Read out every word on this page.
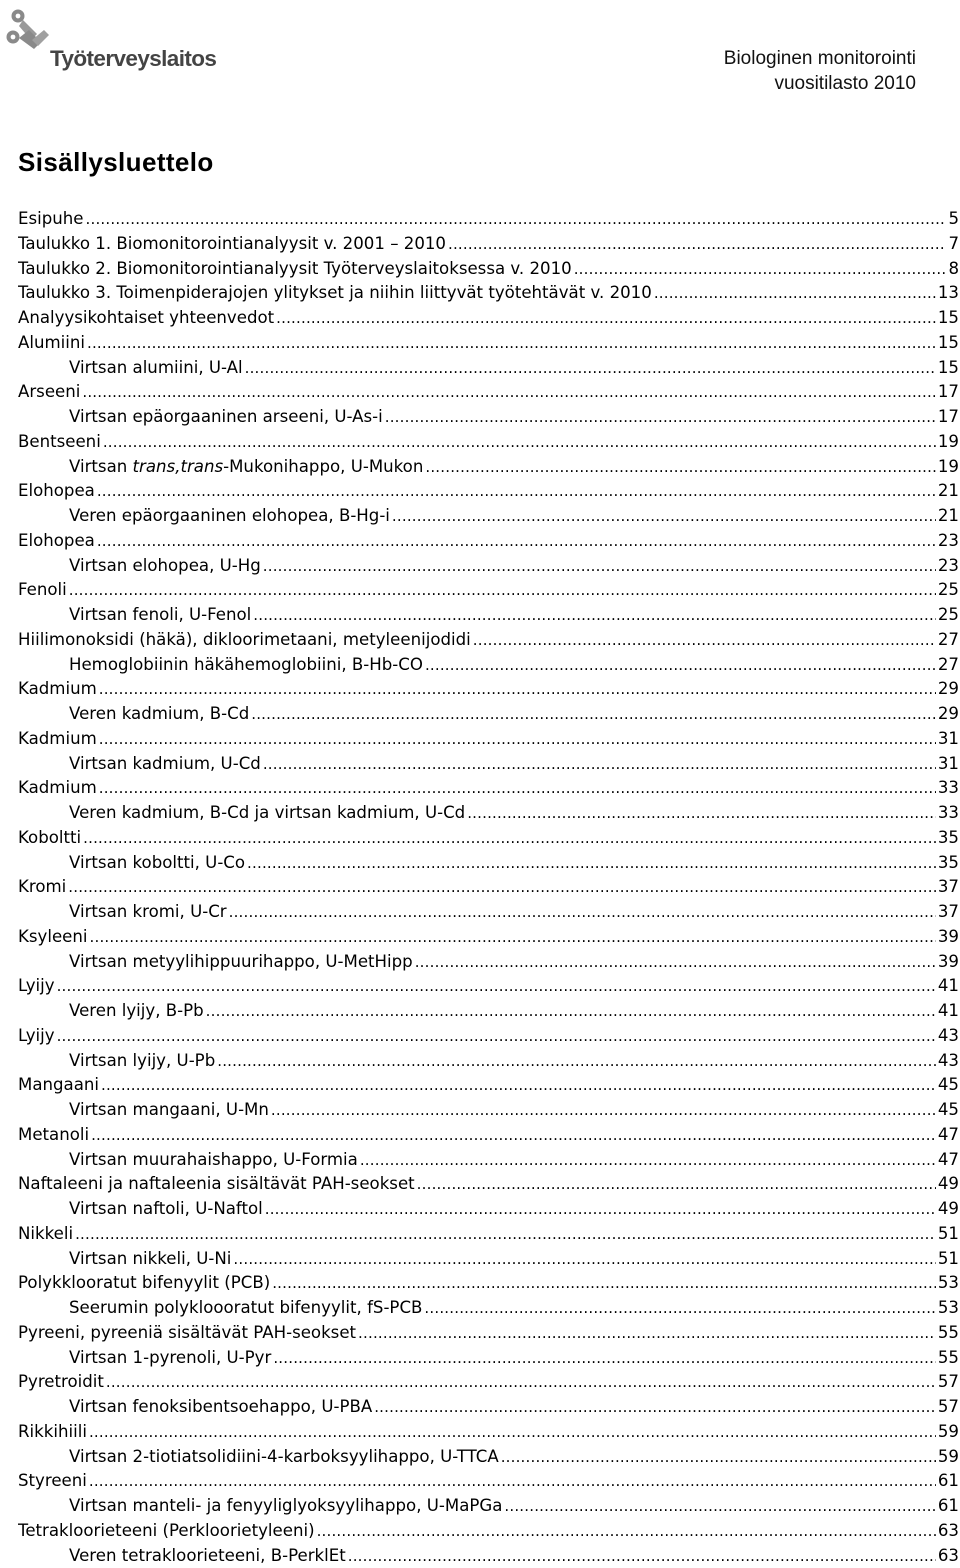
Työterveyslaitos	Biologinen monitorointi
vuositilasto 2010
Sisällysluettelo
Esipuhe .....	5
Taulukko 1. Biomonitorointianalyysit v. 2001 – 2010 .....	7
Taulukko 2. Biomonitorointianalyysit Työterveyslaitoksessa v. 2010 .....	8
Taulukko 3. Toimenpiderajojen ylitykset ja niihin liittyvät työtehtävät v. 2010 .....	13
Analyysikohtaiset yhteenvedot .....	15
Alumiini .....	15
Virtsan alumiini, U-Al .....	15
Arseeni .....	17
Virtsan epäorgaaninen arseeni, U-As-i .....	17
Bentseeni .....	19
Virtsan trans,trans-Mukonihappo, U-Mukon .....	19
Elohopea .....	21
Veren epäorgaaninen elohopea, B-Hg-i .....	21
Elohopea .....	23
Virtsan elohopea, U-Hg .....	23
Fenoli .....	25
Virtsan fenoli, U-Fenol .....	25
Hiilimonoksidi (häkä), dikloorimetaani, metyleenijodidi .....	27
Hemoglobiinin häkähemoglobiini, B-Hb-CO .....	27
Kadmium .....	29
Veren kadmium, B-Cd .....	29
Kadmium .....	31
Virtsan kadmium, U-Cd .....	31
Kadmium .....	33
Veren kadmium, B-Cd ja virtsan kadmium, U-Cd .....	33
Koboltti .....	35
Virtsan koboltti, U-Co .....	35
Kromi .....	37
Virtsan kromi, U-Cr .....	37
Ksyleeni .....	39
Virtsan metyylihippuurihappo, U-MetHipp .....	39
Lyijy .....	41
Veren lyijy, B-Pb .....	41
Lyijy .....	43
Virtsan lyijy, U-Pb .....	43
Mangaani .....	45
Virtsan mangaani, U-Mn .....	45
Metanoli .....	47
Virtsan muurahaishappo, U-Formia .....	47
Naftaleeni ja naftaleenia sisältävät PAH-seokset .....	49
Virtsan naftoli, U-Naftol .....	49
Nikkeli .....	51
Virtsan nikkeli, U-Ni .....	51
Polykklooratut bifenyylit (PCB) .....	53
Seerumin polykloooratut bifenyylit, fS-PCB .....	53
Pyreeni, pyreeniä sisältävät PAH-seokset .....	55
Virtsan 1-pyrenoli, U-Pyr .....	55
Pyretroidit .....	57
Virtsan fenoksibentsoehappo, U-PBA .....	57
Rikkihiili .....	59
Virtsan 2-tiotiatsolidiini-4-karboksyylihappo, U-TTCA .....	59
Styreeni .....	61
Virtsan manteli- ja fenyyliglyoksyylihappo, U-MaPGa .....	61
Tetrakloorieteeni (Perkloorietyleeni) .....	63
Veren tetrakloorieteeni, B-PerklEt .....	63
